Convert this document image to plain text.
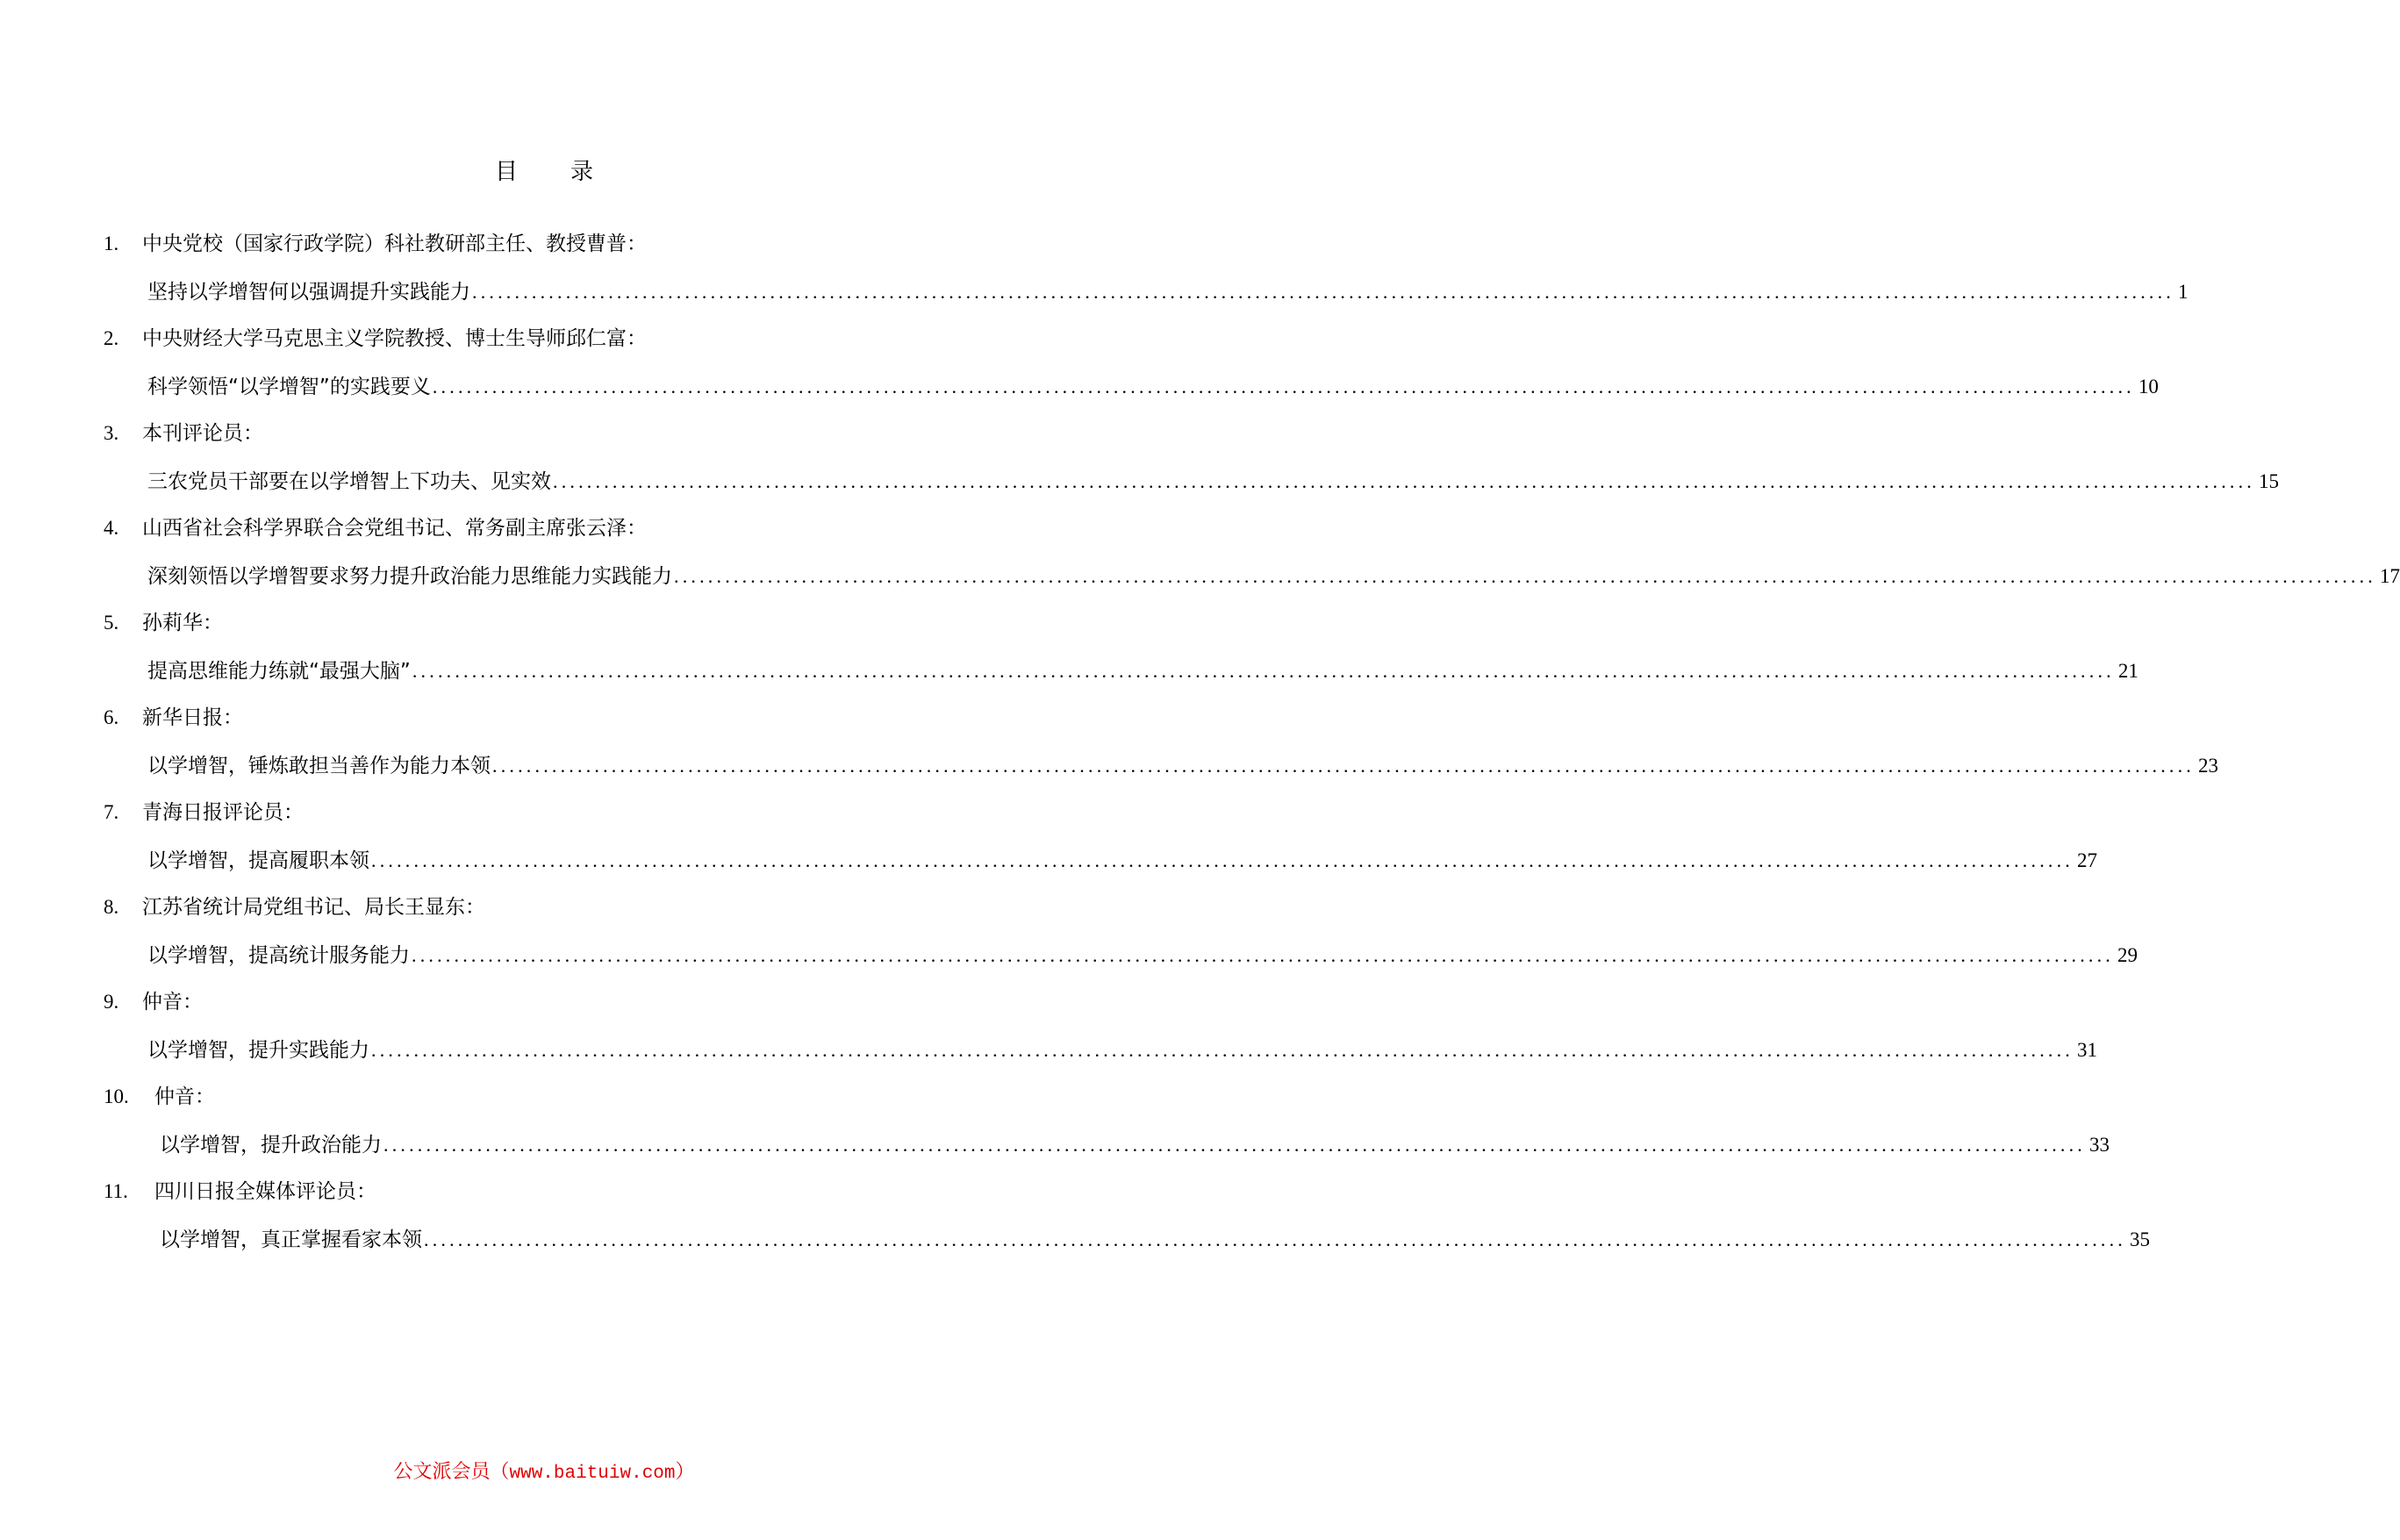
目 录
1. 中央党校（国家行政学院）科社教研部主任、教授曹普：
坚持以学增智何以强调提升实践能力 ........................................................................................................................................................................................................ 1
2. 中央财经大学马克思主义学院教授、博士生导师邱仁富：
科学领悟“以学增智”的实践要义 ........................................................................................................................................................................................................ 10
3. 本刊评论员：
三农党员干部要在以学增智上下功夫、见实效 ........................................................................................................................................................................................................ 15
4. 山西省社会科学界联合会党组书记、常务副主席张云泽：
深刻领悟以学增智要求努力提升政治能力思维能力实践能力 ........................................................................................................................................................................................................ 17
5. 孙莉华：
提高思维能力练就“最强大脑” ........................................................................................................................................................................................................ 21
6. 新华日报：
以学增智，锤炼敢担当善作为能力本领 ........................................................................................................................................................................................................ 23
7. 青海日报评论员：
以学增智，提高履职本领 ........................................................................................................................................................................................................ 27
8. 江苏省统计局党组书记、局长王显东：
以学增智，提高统计服务能力 ........................................................................................................................................................................................................ 29
9. 仲音：
以学增智，提升实践能力 ........................................................................................................................................................................................................ 31
10. 仲音：
以学增智，提升政治能力 ........................................................................................................................................................................................................ 33
11. 四川日报全媒体评论员：
以学增智，真正掌握看家本领 ........................................................................................................................................................................................................ 35
公文派会员（www.baituiw.com）
